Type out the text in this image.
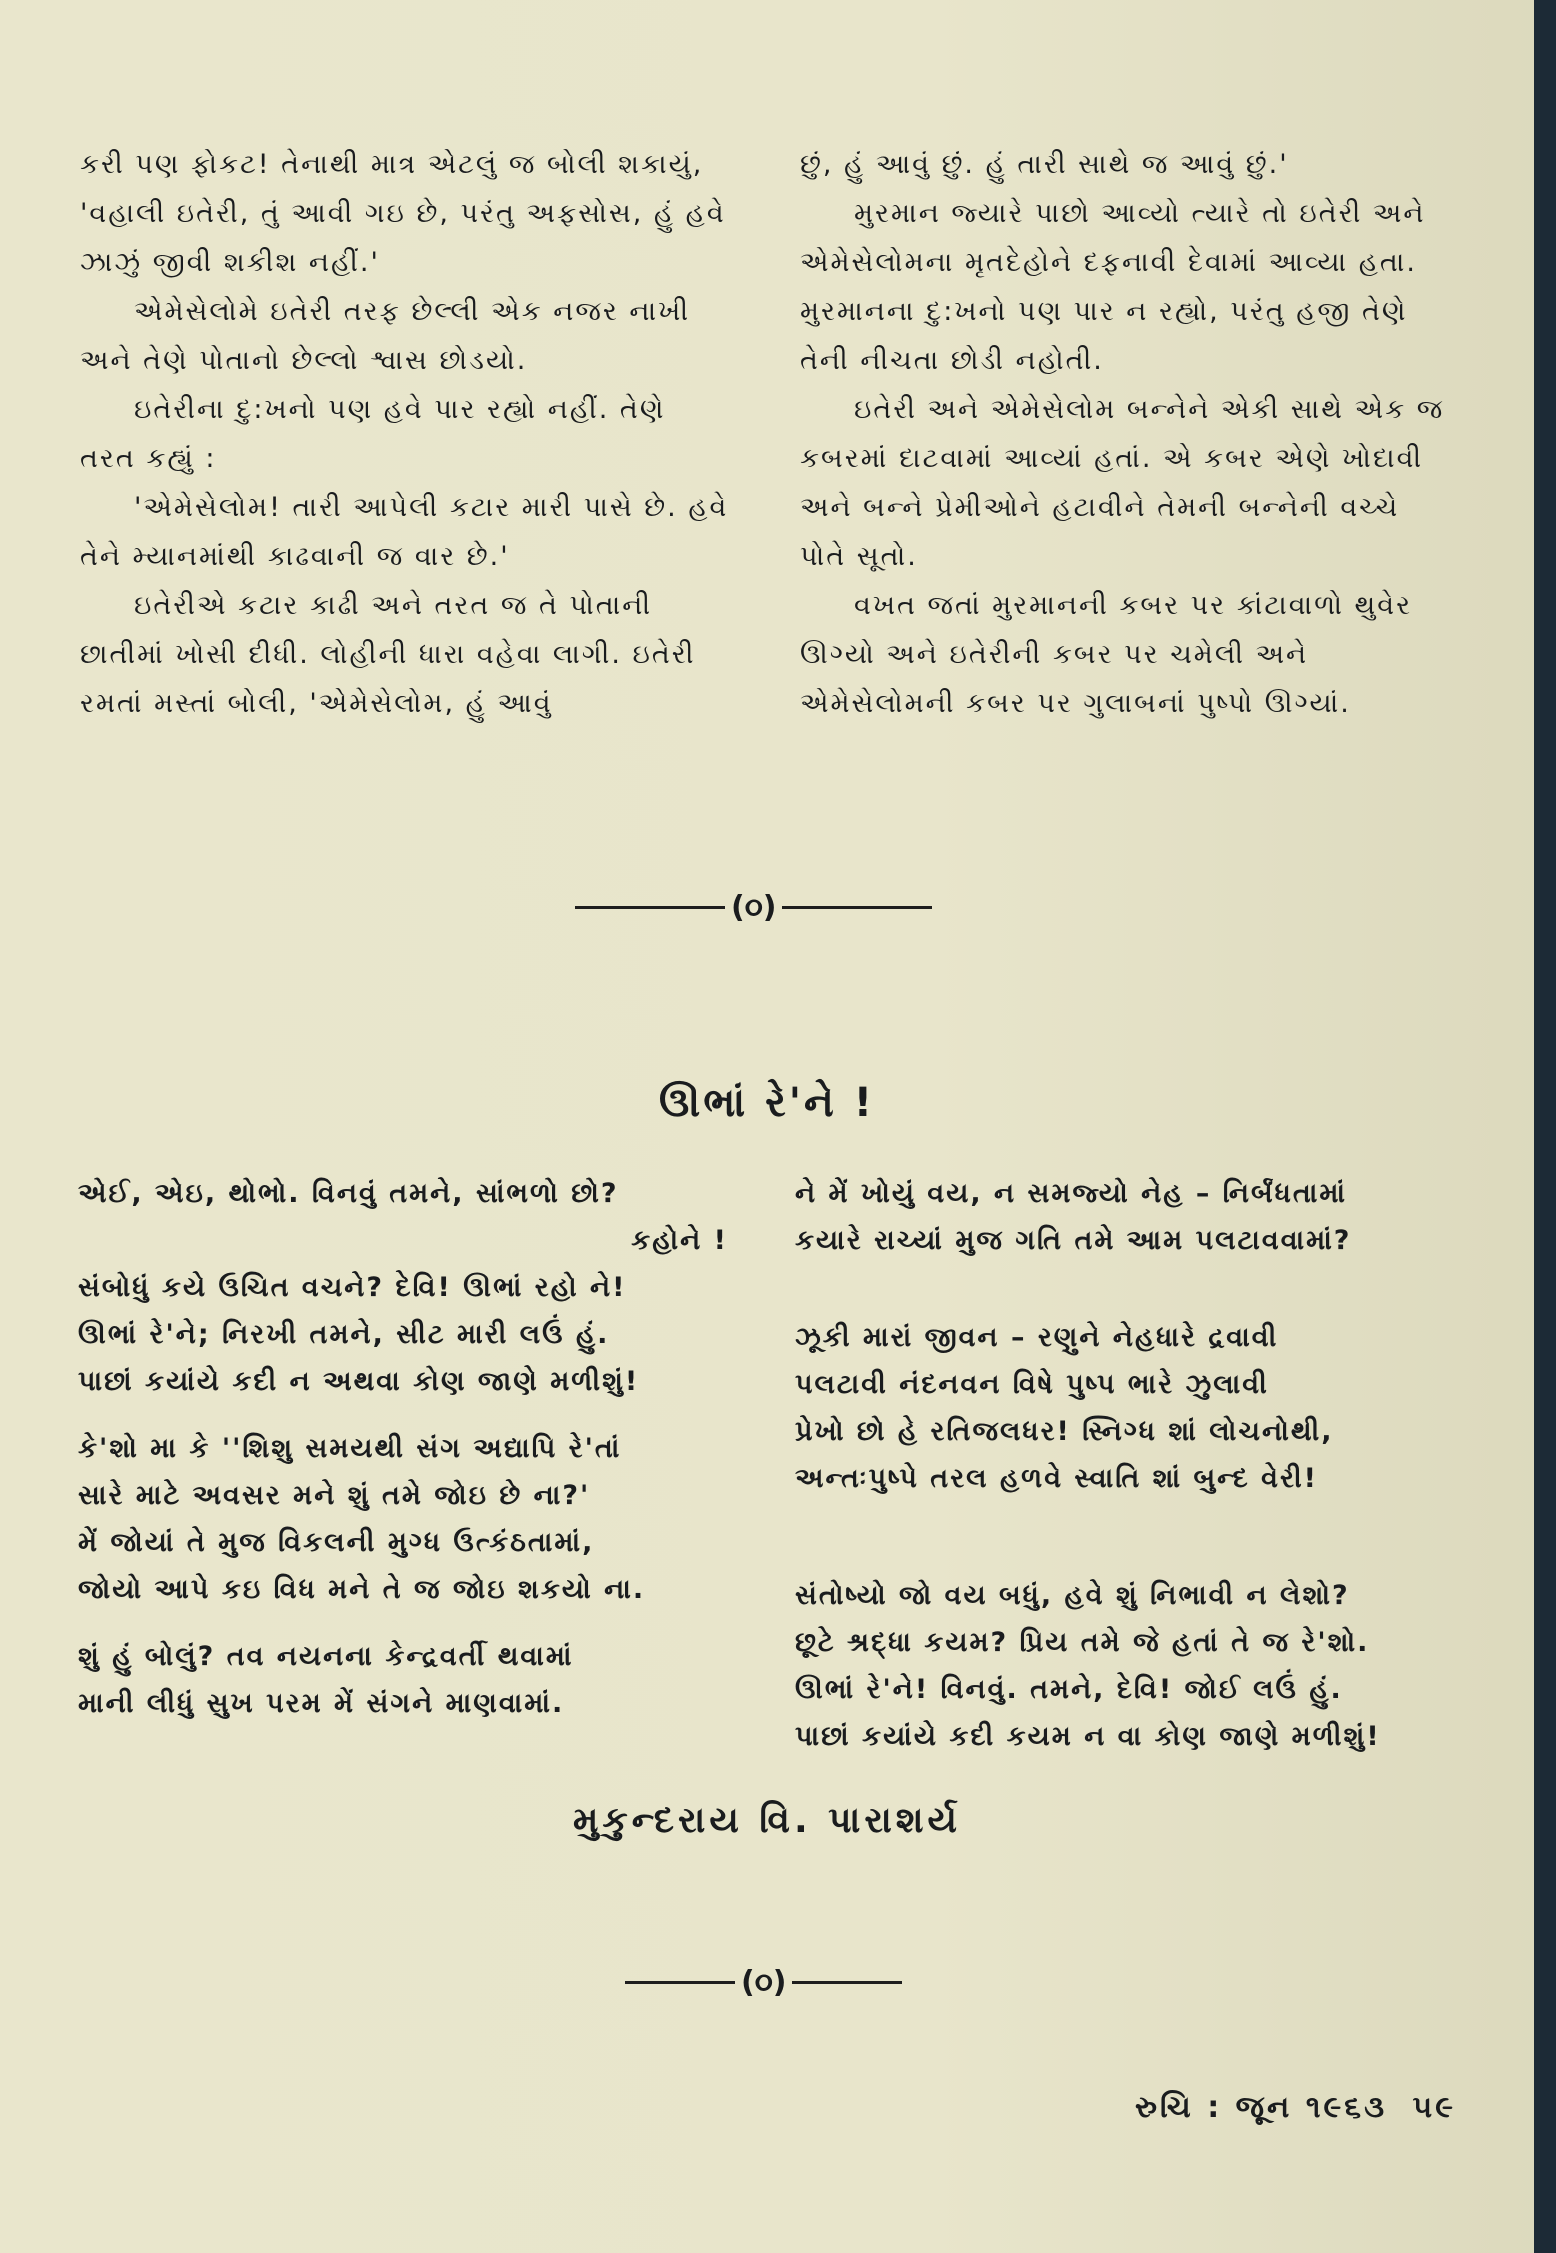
કરી પણ ફોકટ! તેનાથી માત્ર એટલું જ બોલી શકાયું, 'વહાલી ઇતેરી, તું આવી ગઇ છે, પરંતુ અફસોસ, હું હવે ઝાઝું જીવી શકીશ નહીં.'

એમેસેલોમે ઇતેરી તરફ છેલ્લી એક નજર નાખી અને તેણે પોતાનો છેલ્લો શ્વાસ છોડયો.

ઇતેરીના દુ:ખનો પણ હવે પાર રહ્યો નહીં. તેણે તરત કહ્યું :

'એમેસેલોમ! તારી આપેલી કટાર મારી પાસે છે. હવે તેને મ્યાનમાંથી કાઢવાની જ વાર છે.'

ઇતેરીએ કટાર કાઢી અને તરત જ તે પોતાની છાતીમાં ખોસી દીધી. લોહીની ધારા વહેવા લાગી. ઇતેરી રમતાં મસ્તાં બોલી, 'એમેસેલોમ, હું આવું

છું, હું આવું છું. હું તારી સાથે જ આવું છું.'

મુરમાન જ્યારે પાછો આવ્યો ત્યારે તો ઇતેરી અને એમેસેલોમના મૃતદેહોને દફનાવી દેવામાં આવ્યા હતા. મુરમાનના દુ:ખનો પણ પાર ન રહ્યો, પરંતુ હજી તેણે તેની નીચતા છોડી નહોતી.

ઇતેરી અને એમેસેલોમ બન્નેને એકી સાથે એક જ કબરમાં દાટવામાં આવ્યાં હતાં. એ કબર એણે ખોદાવી અને બન્ને પ્રેમીઓને હટાવીને તેમની બન્નેની વચ્ચે પોતે સૂતો.

વખત જતાં મુરમાનની કબર પર કાંટાવાળો થુવેર ઊગ્યો અને ઇતેરીની કબર પર ચમેલી અને એમેસેલોમની કબર પર ગુલાબનાં પુષ્પો ઊગ્યાં.

(૦)
ઊભાં રે'ને !

એઈ, એઇ, થોભો. વિનવું તમને, સાંભળો છો?

કહોને !
સંબોધું કયે ઉચિત વચને? દેવિ! ઊભાં રહો ને!
ઊભાં રે'ને; નિરખી તમને, સીટ મારી લઉં હું.
પાછાં કયાંયે કદી ન અથવા કોણ જાણે મળીશું!

કે'શો મા કે ''શિશુ સમયથી સંગ અદ્યાપિ રે'તાં
સારે માટે અવસર મને શું તમે જોઇ છે ના?'
મેં જોયાં તે મુજ વિકલની મુગ્ધ ઉત્કંઠતામાં,
જોયો આપે કઇ વિધ મને તે જ જોઇ શકયો ના.

શું હું બોલું? તવ નયનના કેન્દ્રવર્તી થવામાં
માની લીધું સુખ પરમ મેં સંગને માણવામાં.

ને મેં ખોયું વય, ન સમજ્યો નેહ – નિર્બંધતામાં
કયારે રાચ્યાં મુજ ગતિ તમે આમ પલટાવવામાં?

ઝૂકી મારાં જીવન – રણુને નેહધારે દ્રવાવી
પલટાવી નંદનવન વિષે પુષ્પ ભારે ઝુલાવી
પ્રેખો છો હે રતિજલધર! સ્નિગ્ધ શાં લોચનોથી,
અન્તઃપુષ્પે તરલ હળવે સ્વાતિ શાં બુન્દ વેરી!

સંતોષ્યો જો વય બધું, હવે શું નિભાવી ન લેશો?
છૂટે શ્રદ્ધા કયમ? પ્રિય તમે જે હતાં તે જ રે'શો.
ઊભાં રે'ને! વિનવું. તમને, દેવિ! જોઈ લઉં હું.
પાછાં કયાંયે કદી કયમ ન વા કોણ જાણે મળીશું!

મુકુન્દરાય વિ. પારાશર્ય
(૦)
રુચિ : જૂન ૧૯૬૩ ૫૯
